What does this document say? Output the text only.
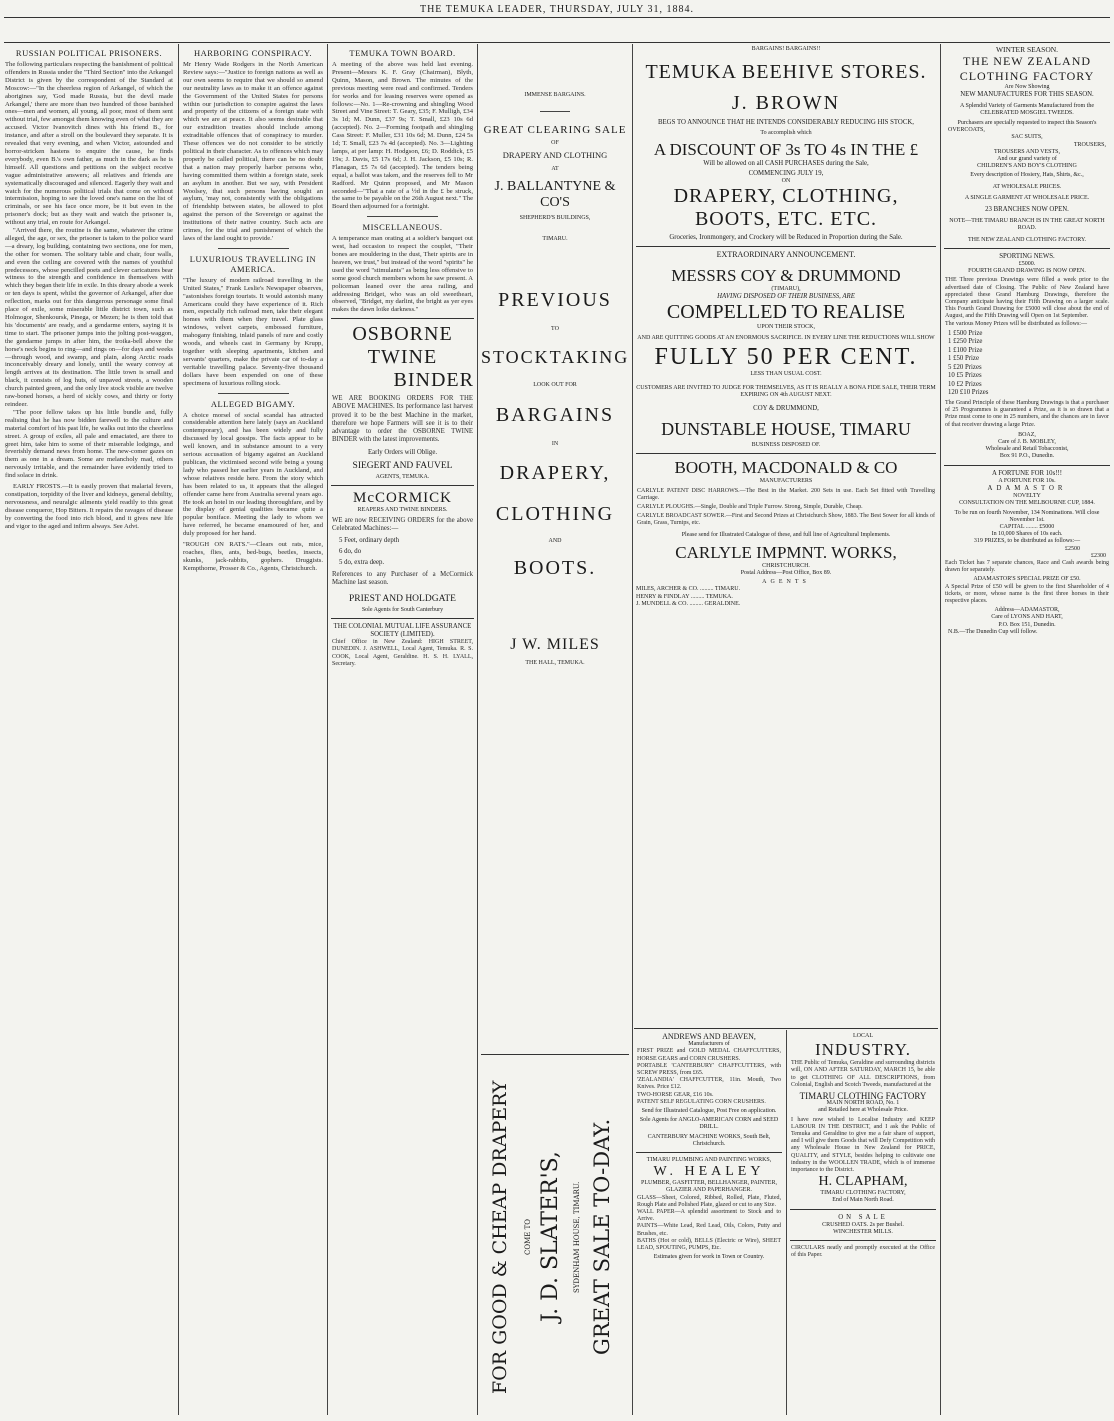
THE TEMUKA LEADER, THURSDAY, JULY 31, 1884.
RUSSIAN POLITICAL PRISONERS.
The following particulars respecting the banishment of political offenders in Russia under the "Third Section" into the Arkangel District is given by the correspondent of the Standard at Moscow:—"In the cheerless region of Arkangel, of which the aborigines say, 'God made Russia, but the devil made Arkangel,' there are more than two hundred of those banished ones—men and women, all young, all poor, most of them sent without trial, few amongst them knowing even of what they are accused. Victor Ivanovitch dines with his friend B., for instance, and after a stroll on the boulevard they separate. It is revealed that very evening, and when Victor, astounded and horror-stricken hastens to enquire the cause, he finds everybody, even B.'s own father, as much in the dark as he is himself. All questions and petitions on the subject receive vague administrative answers; all relatives and friends are systematically discouraged and silenced. Eagerly they wait and watch for the numerous political trials that come on without intermission, hoping to see the loved one's name on the list of criminals, or see his face once more, be it but even in the prisoner's dock; but as they wait and watch the prisoner is, without any trial, en route for Arkangel.
"Arrived there, the routine is the same, whatever the crime alleged, the age, or sex, the prisoner is taken to the police ward—a dreary, log building, containing two sections, one for men, the other for women. The solitary table and chair, four walls, and even the ceiling are covered with the names of youthful predecessors, whose pencilled poets and clever caricatures bear witness to the strength and confidence in themselves with which they began their life in exile. In this dreary abode a week or ten days is spent, whilst the governor of Arkangel, after due reflection, marks out for this dangerous personage some final place of exile, some miserable little district town, such as Holmogor, Shenkoursk, Pinega, or Mezen; he is then told that his 'documents' are ready, and a gendarme enters, saying it is time to start. The prisoner jumps into the jolting post-waggon, the gendarme jumps in after him, the troika-bell above the horse's neck begins to ring—and rings on—for days and weeks—through wood, and swamp, and plain, along Arctic roads inconceivably dreary and lonely, until the weary convoy at length arrives at its destination. The little town is small and black, it consists of log huts, of unpaved streets, a wooden church painted green, and the only live stock visible are twelve raw-boned horses, a herd of sickly cows, and thirty or forty reindeer.
"The poor fellow takes up his little bundle and, fully realising that he has now bidden farewell to the culture and material comfort of his past life, he walks out into the cheerless street. A group of exiles, all pale and emaciated, are there to greet him, take him to some of their miserable lodgings, and feverishly demand news from home. The new-comer gazes on them as one in a dream. Some are melancholy mad, others nervously irritable, and the remainder have evidently tried to find solace in drink.
EARLY FROSTS.—It is easily proven that malarial fevers, constipation, torpidity of the liver and kidneys, general debility, nervousness, and neuralgic ailments yield readily to this great disease conqueror, Hop Bitters. It repairs the ravages of disease by converting the food into rich blood, and it gives new life and vigor to the aged and infirm always. See Advt.
HARBORING CONSPIRACY.
Mr Henry Wade Rodgers in the North American Review says:—"Justice to foreign nations as well as our own seems to require that we should so amend our neutrality laws as to make it an offence against the Government of the United States for persons within our jurisdiction to conspire against the laws and property of the citizens of a foreign state with which we are at peace. It also seems desirable that our extradition treaties should include among extraditable offences that of conspiracy to murder. These offences we do not consider to be strictly political in their character. As to offences which may properly be called political, there can be no doubt that a nation may properly harbor persons who, having committed them within a foreign state, seek an asylum in another. But we say, with President Woolsey, that such persons having sought an asylum, 'may not, consistently with the obligations of friendship between states, be allowed to plot against the person of the Sovereign or against the institutions of their native country. Such acts are crimes, for the trial and punishment of which the laws of the land ought to provide.'
LUXURIOUS TRAVELLING IN AMERICA.
"The luxury of modern railroad travelling in the United States," Frank Leslie's Newspaper observes, "astonishes foreign tourists. It would astonish many Americans could they have experience of it. Rich men, especially rich railroad men, take their elegant homes with them when they travel. Plate glass windows, velvet carpets, embossed furniture, mahogany finishing, inlaid panels of rare and costly woods, and wheels cast in Germany by Krupp, together with sleeping apartments, kitchen and servants' quarters, make the private car of to-day a veritable travelling palace. Seventy-five thousand dollars have been expended on one of these specimens of luxurious rolling stock.
ALLEGED BIGAMY.
A choice morsel of social scandal has attracted considerable attention here lately (says an Auckland contemporary), and has been widely and fully discussed by local gossips. The facts appear to be well known, and in substance amount to a very serious accusation of bigamy against an Auckland publican, the victimised second wife being a young lady who passed her earlier years in Auckland, and whose relatives reside here. From the story which has been related to us, it appears that the alleged offender came here from Australia several years ago. He took an hotel in our leading thoroughfare, and by the display of genial qualities became quite a popular boniface. Meeting the lady to whom we have referred, he became enamoured of her, and duly proposed for her hand.
"ROUGH ON RATS."—Clears out rats, mice, roaches, flies, ants, bed-bugs, beetles, insects, skunks, jack-rabbits, gophers. Druggists. Kempthorne, Prosser & Co., Agents, Christchurch.
TEMUKA TOWN BOARD.
A meeting of the above was held last evening. Present—Messrs K. F. Gray (Chairman), Blyth, Quinn, Mason, and Brown. The minutes of the previous meeting were read and confirmed. Tenders for works and for leasing reserves were opened as follows:—No. 1—Re-crowning and shingling Wood Street and Vine Street: T. Geary, £35; F. Mulligh, £34 3s 1d; M. Dunn, £37 9s; T. Small, £23 10s 6d (accepted). No. 2—Forming footpath and shingling Cass Street: F. Muller, £31 10s 6d; M. Dunn, £24 5s 1d; T. Small, £23 7s 4d (accepted). No. 3—Lighting lamps, at per lamp: H. Hodgson, £6; D. Roddick, £5 19s; J. Davis, £5 17s 6d; J. H. Jackson, £5 10s; R. Flanagan, £5 7s 6d (accepted). The tenders being equal, a ballot was taken, and the reserves fell to Mr Radford. Mr Quinn proposed, and Mr Mason seconded—"That a rate of a ½d in the £ be struck, the same to be payable on the 26th August next." The Board then adjourned for a fortnight.
MISCELLANEOUS.
A temperance man orating at a soldier's banquet out west, had occasion to respect the couplet, "Their bones are mouldering in the dust, Their spirits are in heaven, we trust," but instead of the word "spirits" he used the word "stimulants" as being less offensive to some good church members whom he saw present. A policeman leaned over the area railing, and addressing Bridget, who was an old sweetheart, observed, "Bridget, my darlint, the bright as yer eyes makes the dawn loike darkness."
OSBORNE
TWINE
BINDER
WE ARE BOOKING ORDERS FOR THE ABOVE MACHINES. Its performance last harvest proved it to be the best Machine in the market, therefore we hope Farmers will see it is to their advantage to order the OSBORNE TWINE BINDER with the latest improvements.
Early Orders will Oblige.
SIEGERT AND FAUVEL
AGENTS, TEMUKA.
McCORMICK
REAPERS AND TWINE BINDERS.
WE are now RECEIVING ORDERS for the above Celebrated Machines:—
5 Feet, ordinary depth
6 do, do
5 do, extra deep.
References to any Purchaser of a McCormick Machine last season.
PRIEST AND HOLDGATE
Sole Agents for South Canterbury
THE COLONIAL MUTUAL LIFE ASSURANCE SOCIETY (LIMITED).
Chief Office in New Zealand: HIGH STREET, DUNEDIN. J. ASHWELL, Local Agent, Temuka. R. S. COOK, Local Agent, Geraldine. H. S. H. LYALL, Secretary.
IMMENSE BARGAINS.
GREAT CLEARING SALE
OF
DRAPERY AND CLOTHING
AT
J. BALLANTYNE & CO'S
SHEPHERD'S BUILDINGS,
TIMARU.
PREVIOUS
TO
STOCKTAKING
LOOK OUT FOR
BARGAINS
IN
DRAPERY,
CLOTHING
AND
BOOTS.
J W. MILES
THE HALL, TEMUKA.
FOR GOOD & CHEAP DRAPERY COME TO J. D. SLATER'S, SYDENHAM HOUSE, TIMARU. GREAT SALE TO-DAY.
BARGAINS! BARGAINS!!
TEMUKA BEEHIVE STORES.
J. BROWN
BEGS TO ANNOUNCE THAT HE INTENDS CONSIDERABLY REDUCING HIS STOCK,
To accomplish which
A DISCOUNT OF 3s TO 4s IN THE £
Will be allowed on all CASH PURCHASES during the Sale,
COMMENCING JULY 19,
ON
DRAPERY, CLOTHING,
BOOTS, ETC. ETC.
Groceries, Ironmongery, and Crockery will be Reduced in Proportion during the Sale.
EXTRAORDINARY ANNOUNCEMENT.
MESSRS COY & DRUMMOND
(TIMARU),
HAVING DISPOSED OF THEIR BUSINESS, ARE
COMPELLED TO REALISE
UPON THEIR STOCK,
AND ARE QUITTING GOODS AT AN ENORMOUS SACRIFICE. IN EVERY LINE THE REDUCTIONS WILL SHOW
FULLY 50 PER CENT.
LESS THAN USUAL COST.
CUSTOMERS ARE INVITED TO JUDGE FOR THEMSELVES, AS IT IS REALLY A BONA FIDE SALE, THEIR TERM EXPIRING ON 4th AUGUST NEXT.
COY & DRUMMOND,
DUNSTABLE HOUSE, TIMARU
BUSINESS DISPOSED OF.
BOOTH, MACDONALD & CO
MANUFACTURERS
CARLYLE PATENT DISC HARROWS.—The Best in the Market. 200 Sets in use. Each Set fitted with Travelling Carriage.
CARLYLE PLOUGHS.—Single, Double and Triple Furrow. Strong, Simple, Durable, Cheap.
CARLYLE BROADCAST SOWER.—First and Second Prizes at Christchurch Show, 1883. The Best Sower for all kinds of Grain, Grass, Turnips, etc.
Please send for Illustrated Catalogue of these, and full line of Agricultural Implements.
CARLYLE IMPMNT. WORKS,
CHRISTCHURCH.
Postal Address—Post Office, Box 89.
AGENTS
MILES, ARCHER & CO. ......... TIMARU.
HENRY & FINDLAY ......... TEMUKA.
J. MUNDELL & CO. ......... GERALDINE.
ANDREWS AND BEAVEN,
Manufacturers of
FIRST PRIZE and GOLD MEDAL CHAFFCUTTERS, HORSE GEARS and CORN CRUSHERS.
PORTABLE 'CANTERBURY' CHAFFCUTTERS, with SCREW PRESS, from £65.
'ZEALANDIA' CHAFFCUTTER, 11in. Mouth, Two Knives. Price £12.
TWO-HORSE GEAR, £16 10s.
PATENT SELF REGULATING CORN CRUSHERS.
Send for Illustrated Catalogue, Post Free on application.
Sole Agents for ANGLO-AMERICAN CORN and SEED DRILL.
CANTERBURY MACHINE WORKS, South Belt, Christchurch.
TIMARU PLUMBING AND PAINTING WORKS,
W. HEALEY
PLUMBER, GASFITTER, BELLHANGER, PAINTER, GLAZIER AND PAPERHANGER.
GLASS—Sheet, Colored, Ribbed, Rolled, Plate, Fluted, Rough Plate and Polished Plate, glazed or cut to any Size.
WALL PAPER—A splendid assortment to Stock and to Arrive.
PAINTS—White Lead, Red Lead, Oils, Colors, Putty and Brushes, etc.
BATHS (Hot or cold), BELLS (Electric or Wire), SHEET LEAD, SPOUTING, PUMPS, Etc.
Estimates given for work in Town or Country.
LOCAL
INDUSTRY.
THE Public of Temuka, Geraldine and surrounding districts will, ON AND AFTER SATURDAY, MARCH 15, be able to get CLOTHING OF ALL DESCRIPTIONS, from Colonial, English and Scotch Tweeds, manufactured at the
TIMARU CLOTHING FACTORY
MAIN NORTH ROAD, No. 1
and Retailed here at Wholesale Price.
I have now wished to Localise Industry and KEEP LABOUR IN THE DISTRICT, and I ask the Public of Temuka and Geraldine to give me a fair share of support, and I will give them Goods that will Defy Competition with any Wholesale House in New Zealand for PRICE, QUALITY, and STYLE, besides helping to cultivate one industry in the WOOLLEN TRADE, which is of immense importance to the District.
H. CLAPHAM,
TIMARU CLOTHING FACTORY,
End of Main North Road.
ON SALE
CRUSHED OATS. 2s per Bushel.
WINCHESTER MILLS.
CIRCULARS neatly and promptly executed at the Office of this Paper.
WINTER SEASON.
THE NEW ZEALAND
CLOTHING FACTORY
Are Now Showing
NEW MANUFACTURES FOR THIS SEASON.
A Splendid Variety of Garments Manufactured from the
CELEBRATED MOSGIEL TWEEDS.
Purchasers are specially requested to inspect this Season's
OVERCOATS,
SAC SUITS,
TROUSERS,
TROUSERS AND VESTS,
And our grand variety of
CHILDREN'S AND BOY'S CLOTHING
Every description of Hosiery, Hats, Shirts, &c.,
AT WHOLESALE PRICES.
A SINGLE GARMENT AT WHOLESALE PRICE.
23 BRANCHES NOW OPEN.
NOTE—THE TIMARU BRANCH IS IN THE GREAT NORTH ROAD.
THE NEW ZEALAND CLOTHING FACTORY.
SPORTING NEWS.
£5000.
FOURTH GRAND DRAWING IS NOW OPEN.
THE Three previous Drawings were filled a week prior to the advertised date of Closing. The Public of New Zealand have appreciated these Grand Hamburg Drawings, therefore the Company anticipate having their Fifth Drawing on a larger scale. This Fourth Grand Drawing for £5000 will close about the end of August, and the Fifth Drawing will Open on 1st September.
The various Money Prizes will be distributed as follows:—
1 £500 Prize
1 £250 Prize
1 £100 Prize
1 £50 Prize
5 £20 Prizes
10 £5 Prizes
10 £2 Prizes
120 £10 Prizes
The Grand Principle of these Hamburg Drawings is that a purchaser of 25 Programmes is guaranteed a Prize, as it is so drawn that a Prize must come to one in 25 numbers, and the chances are in favor of that receiver drawing a large Prize.
BOAZ,
Care of J. B. MOBLEY,
Wholesale and Retail Tobacconist,
Box 91 P.O., Dunedin.
A FORTUNE FOR 10s!!!
A FORTUNE FOR 10s.
ADAMASTOR
NOVELTY
CONSULTATION ON THE MELBOURNE CUP, 1884.
To be run on fourth November, 134 Nominations. Will close November 1st.
CAPITAL ........ £5000
In 10,000 Shares of 10s each.
319 PRIZES, to be distributed as follows:—
£2500
£2300
Each Ticket has 7 separate chances, Race and Cash awards being drawn for separately.
ADAMASTOR'S SPECIAL PRIZE OF £50.
A Special Prize of £50 will be given to the first Shareholder of 4 tickets, or more, whose name is the first three horses in their respective places.
Address—ADAMASTOR,
Care of LYONS AND HART,
P.O. Box 151, Dunedin.
N.B.—The Dunedin Cup will follow.
